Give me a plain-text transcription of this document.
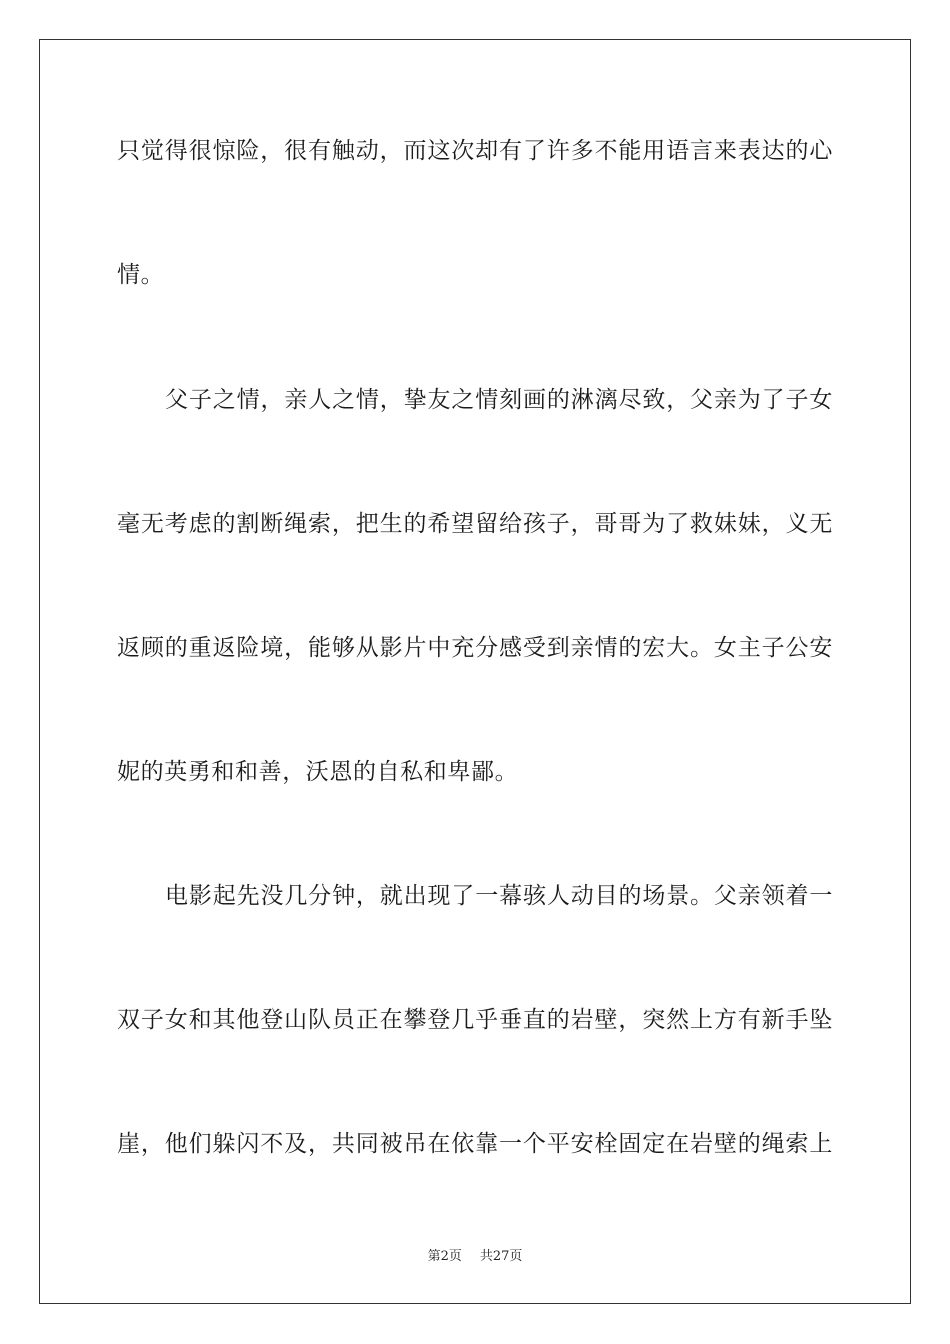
只觉得很惊险，很有触动，而这次却有了许多不能用语言来表达的心
情。
父子之情，亲人之情，挚友之情刻画的淋漓尽致，父亲为了子女
毫无考虑的割断绳索，把生的希望留给孩子，哥哥为了救妹妹，义无
返顾的重返险境，能够从影片中充分感受到亲情的宏大。女主子公安
妮的英勇和和善，沃恩的自私和卑鄙。
电影起先没几分钟，就出现了一幕骇人动目的场景。父亲领着一
双子女和其他登山队员正在攀登几乎垂直的岩壁，突然上方有新手坠
崖，他们躲闪不及，共同被吊在依靠一个平安栓固定在岩壁的绳索上
第2页 共27页
